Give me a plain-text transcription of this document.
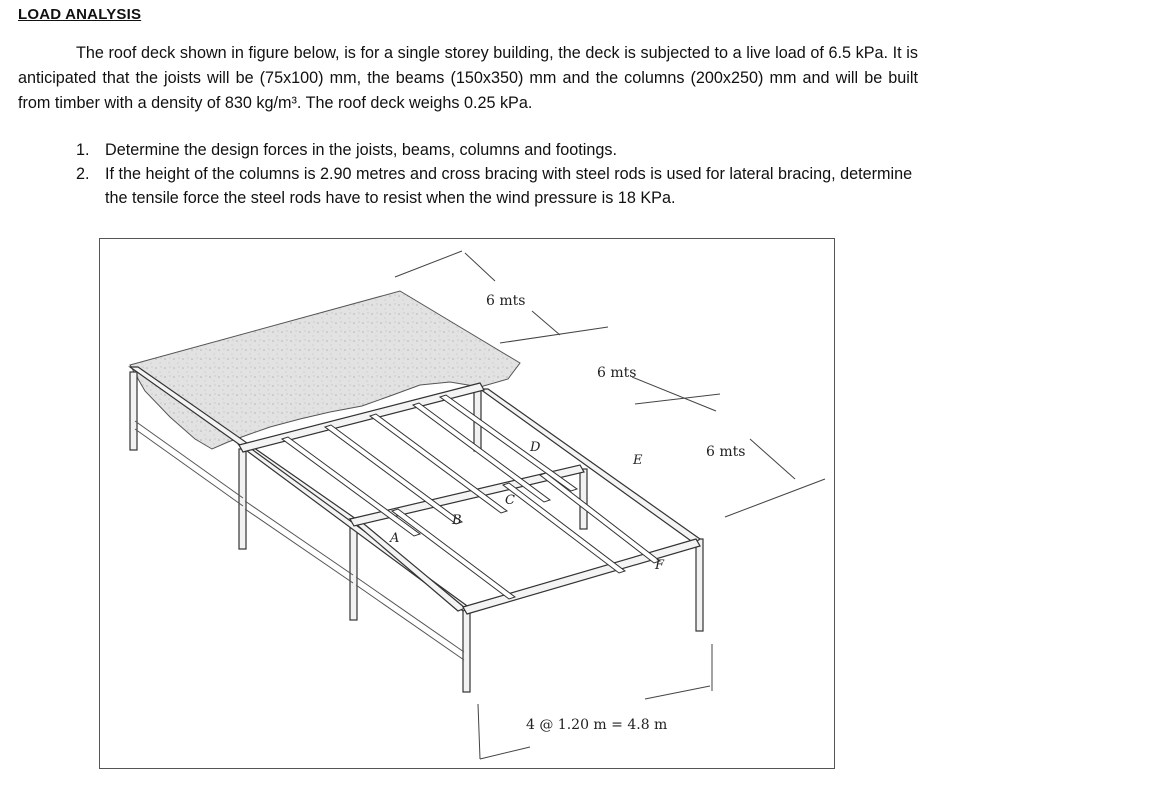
LOAD ANALYSIS

The roof deck shown in figure below, is for a single storey building, the deck is subjected to a live load of 6.5 kPa. It is anticipated that the joists will be (75x100) mm, the beams (150x350) mm and the columns (200x250) mm and will be built from timber with a density of 830 kg/m³. The roof deck weighs 0.25 kPa.

1. Determine the design forces in the joists, beams, columns and footings.
2. If the height of the columns is 2.90 metres and cross bracing with steel rods is used for lateral bracing, determine the tensile force the steel rods have to resist when the wind pressure is 18 KPa.
6 mts
6 mts
6 mts
4 @ 1.20 m = 4.8 m
A
B
C
D
E
F
